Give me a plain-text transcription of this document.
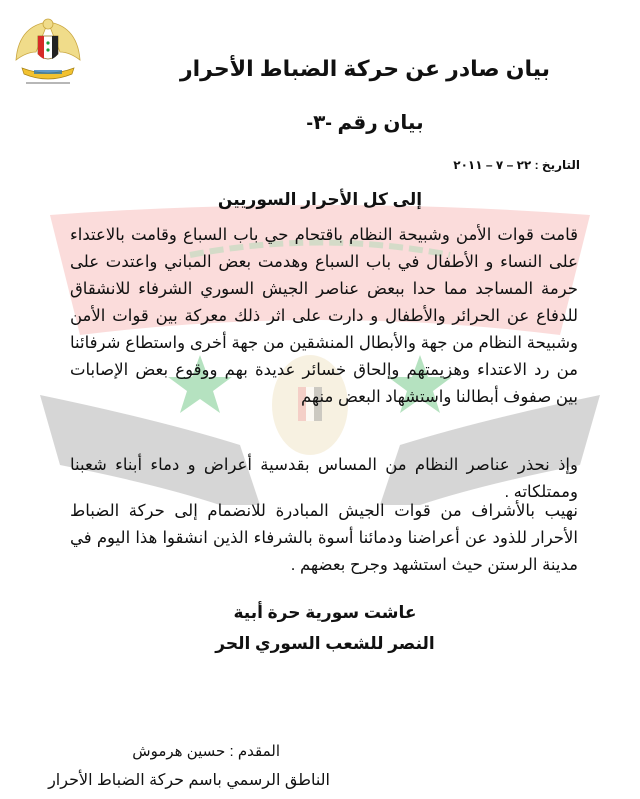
بيان صادر عن حركة الضباط الأحرار
بيان رقم -٣-
التاريخ : ٢٢ – ٧ – ٢٠١١
إلى كل الأحرار السوريين
قامت قوات الأمن وشبيحة النظام باقتحام حي باب السباع وقامت بالاعتداء على النساء و الأطفال في باب السباع وهدمت بعض المباني واعتدت على حرمة المساجد مما حدا ببعض عناصر الجيش السوري الشرفاء للانشقاق للدفاع عن الحرائر والأطفال و دارت على اثر ذلك معركة بين قوات الأمن وشبيحة النظام من جهة والأبطال المنشقين من جهة أخرى واستطاع شرفائنا من رد الاعتداء وهزيمتهم وإلحاق خسائر عديدة بهم ووقوع بعض الإصابات بين صفوف أبطالنا واستشهاد البعض منهم
وإذ نحذر عناصر النظام من المساس بقدسية أعراض و دماء أبناء شعبنا وممتلكاته .
نهيب بالأشراف من قوات الجيش المبادرة للانضمام إلى حركة الضباط الأحرار للذود عن أعراضنا ودمائنا أسوة بالشرفاء الذين انشقوا هذا اليوم في مدينة الرستن حيث استشهد وجرح بعضهم .
عاشت سورية حرة أبية
النصر للشعب السوري الحر
المقدم : حسين هرموش
الناطق الرسمي باسم حركة الضباط الأحرار
